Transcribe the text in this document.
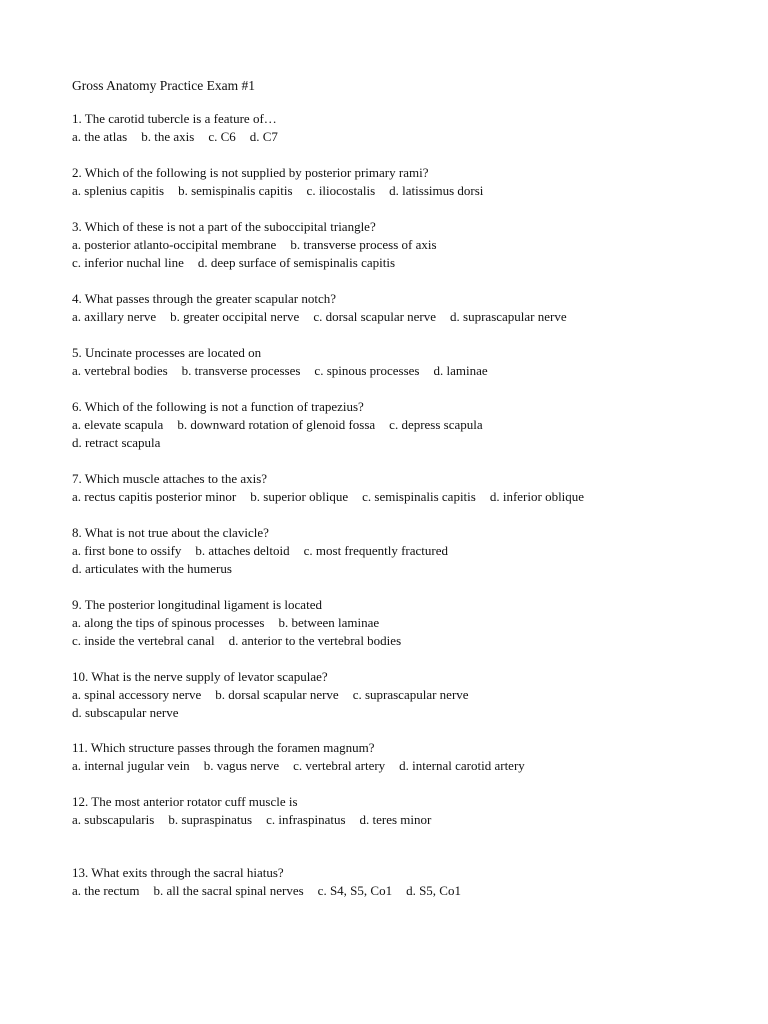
Gross Anatomy Practice Exam #1
1. The carotid tubercle is a feature of…
a. the atlas b. the axis c. C6 d. C7
2. Which of the following is not supplied by posterior primary rami?
a. splenius capitis b. semispinalis capitis c. iliocostalis d. latissimus dorsi
3. Which of these is not a part of the suboccipital triangle?
a. posterior atlanto-occipital membrane b. transverse process of axis
c. inferior nuchal line d. deep surface of semispinalis capitis
4. What passes through the greater scapular notch?
a. axillary nerve b. greater occipital nerve c. dorsal scapular nerve d. suprascapular nerve
5. Uncinate processes are located on
a. vertebral bodies b. transverse processes c. spinous processes d. laminae
6. Which of the following is not a function of trapezius?
a. elevate scapula b. downward rotation of glenoid fossa c. depress scapula
d. retract scapula
7. Which muscle attaches to the axis?
a. rectus capitis posterior minor b. superior oblique c. semispinalis capitis d. inferior oblique
8. What is not true about the clavicle?
a. first bone to ossify b. attaches deltoid c. most frequently fractured
d. articulates with the humerus
9. The posterior longitudinal ligament is located
a. along the tips of spinous processes b. between laminae
c. inside the vertebral canal d. anterior to the vertebral bodies
10. What is the nerve supply of levator scapulae?
a. spinal accessory nerve b. dorsal scapular nerve c. suprascapular nerve
d. subscapular nerve
11. Which structure passes through the foramen magnum?
a. internal jugular vein b. vagus nerve c. vertebral artery d. internal carotid artery
12. The most anterior rotator cuff muscle is
a. subscapularis b. supraspinatus c. infraspinatus d. teres minor
13. What exits through the sacral hiatus?
a. the rectum b. all the sacral spinal nerves c. S4, S5, Co1 d. S5, Co1
